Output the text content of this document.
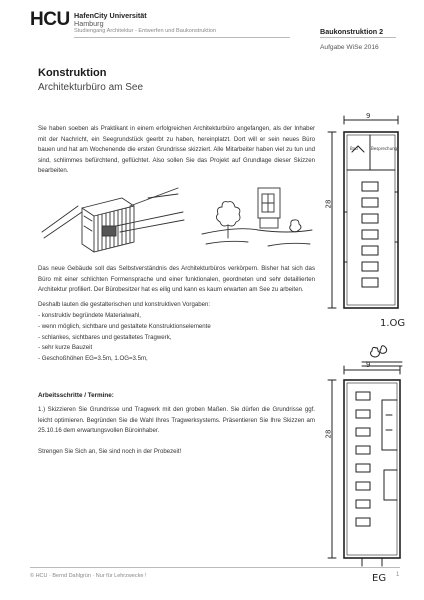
HCU HafenCity Universität
Hamburg
Studiengang Architektur - Entwerfen und Baukonstruktion	Baukonstruktion 2
Aufgabe WiSe 2016
Konstruktion
Architekturbüro am See

Sie haben soeben als Praktikant in einem erfolgreichen Architekturbüro angefangen, als der Inhaber mit der Nachricht, ein Seegrundstück geerbt zu haben, hereinplatzt. Dort will er sein neues Büro bauen und hat am Wochenende die ersten Grundrisse skizziert. Alle Mitarbeiter haben viel zu tun und sind, schlimmes befürchtend, geflüchtet. Also sollen Sie das Projekt auf Grundlage dieser Skizzen bearbeiten.

Das neue Gebäude soll das Selbstverständnis des Architekturbüros verkörpern. Bisher hat sich das Büro mit einer schlichten Formensprache und einer funktionalen, geordneten und sehr detaillierten Architektur profiliert. Der Bürobesitzer hat es eilig und kann es kaum erwarten am See zu arbeiten.

Deshalb lauten die gestalterischen und konstruktiven Vorgaben:

- konstruktiv begründete Materialwahl,
- wenn möglich, sichtbare und gestaltete Konstruktionselemente
- schlankes, sichtbares und gestaltetes Tragwerk,
- sehr kurze Bauzeit
- Geschoßhöhen EG=3.5m, 1.OG=3.5m,
Arbeitsschritte / Termine:

1.) Skizzieren Sie Grundrisse und Tragwerk mit den groben Maßen. Sie dürfen die Grundrisse ggf. leicht optimieren. Begründen Sie die Wahl Ihres Tragwerksystems. Präsentieren Sie Ihre Skizzen am 25.10.16 dem erwartungsvollen Büroinhaber.

Strengen Sie Sich an, Sie sind noch in der Probezeit!

9
28
Bau	Besprechung
1.OG
9
28
EG
© HCU · Bernd Dahlgrün · Nur für Lehrzwecke !	1
